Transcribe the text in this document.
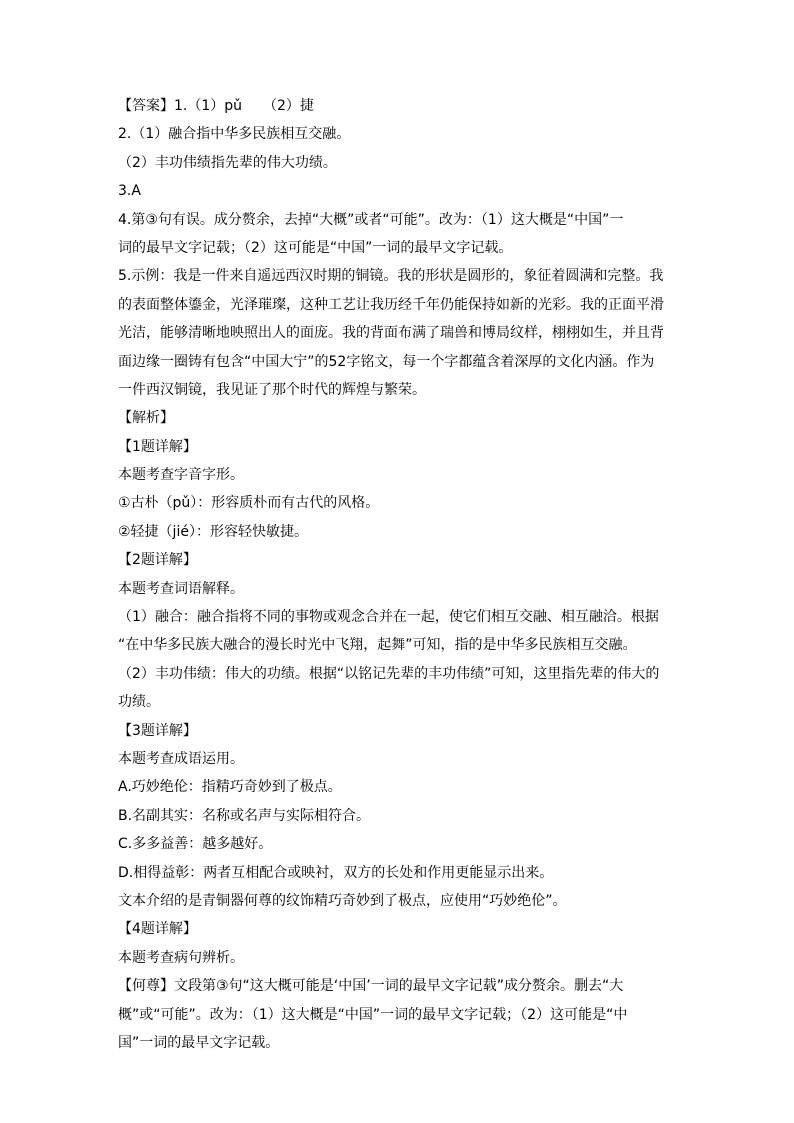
【答案】1.（1）pǔ　　（2）捷
2.（1）融合指中华多民族相互交融。
（2）丰功伟绩指先辈的伟大功绩。
3.A
4.第③句有误。成分赘余，去掉“大概”或者“可能”。改为：（1）这大概是“中国”一
词的最早文字记载；（2）这可能是“中国”一词的最早文字记载。
5.示例：我是一件来自遥远西汉时期的铜镜。我的形状是圆形的，象征着圆满和完整。我
的表面整体鎏金，光泽璀璨，这种工艺让我历经千年仍能保持如新的光彩。我的正面平滑
光洁，能够清晰地映照出人的面庞。我的背面布满了瑞兽和博局纹样，栩栩如生，并且背
面边缘一圈铸有包含“中国大宁”的52字铭文，每一个字都蕴含着深厚的文化内涵。作为
一件西汉铜镜，我见证了那个时代的辉煌与繁荣。
【解析】
【1题详解】
本题考查字音字形。
①古朴（pǔ）：形容质朴而有古代的风格。
②轻捷（jié）：形容轻快敏捷。
【2题详解】
本题考查词语解释。
（1）融合：融合指将不同的事物或观念合并在一起，使它们相互交融、相互融洽。根据
“在中华多民族大融合的漫长时光中飞翔，起舞”可知，指的是中华多民族相互交融。
（2）丰功伟绩：伟大的功绩。根据“以铭记先辈的丰功伟绩”可知，这里指先辈的伟大的
功绩。
【3题详解】
本题考查成语运用。
A.巧妙绝伦：指精巧奇妙到了极点。
B.名副其实：名称或名声与实际相符合。
C.多多益善：越多越好。
D.相得益彰：两者互相配合或映衬，双方的长处和作用更能显示出来。
文本介绍的是青铜器何尊的纹饰精巧奇妙到了极点，应使用“巧妙绝伦”。
【4题详解】
本题考查病句辨析。
【何尊】文段第③句“这大概可能是‘中国’一词的最早文字记载”成分赘余。删去“大
概”或“可能”。改为：（1）这大概是“中国”一词的最早文字记载；（2）这可能是“中
国”一词的最早文字记载。
